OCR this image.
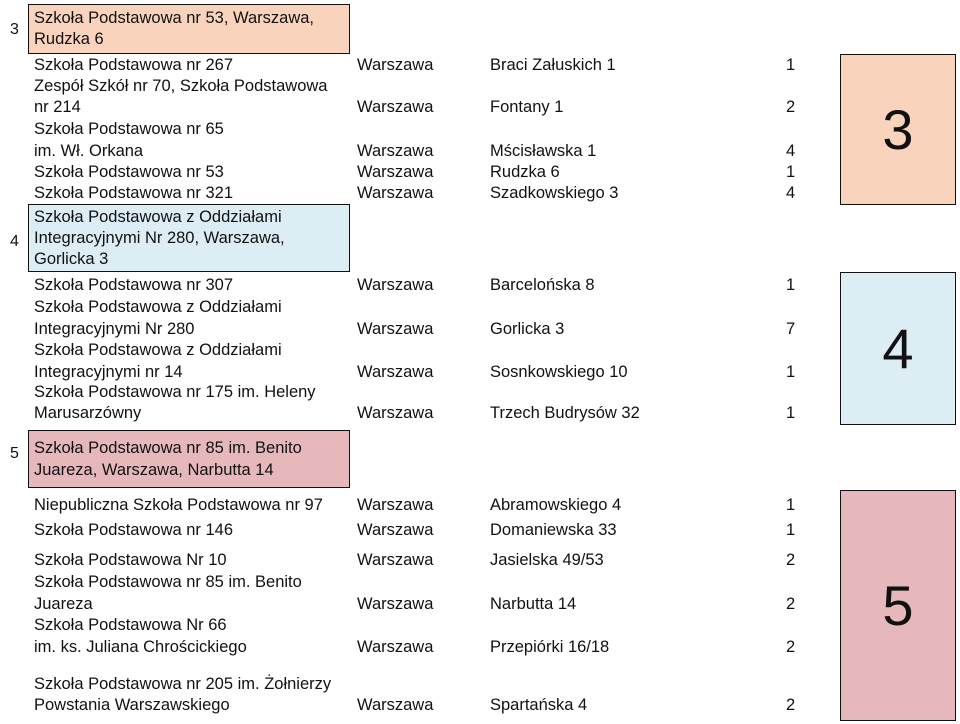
3
Szkoła Podstawowa nr 53, Warszawa,
Rudzka 6
Szkoła Podstawowa nr 267	Warszawa	Braci Załuskich 1	1
Zespół Szkół nr 70, Szkoła Podstawowa
nr 214	Warszawa	Fontany 1	2
Szkoła Podstawowa nr 65
im. Wł. Orkana	Warszawa	Mścisławska 1	4
Szkoła Podstawowa nr 53	Warszawa	Rudzka 6	1
Szkoła Podstawowa nr 321	Warszawa	Szadkowskiego 3	4
3
4
Szkoła Podstawowa z Oddziałami
Integracyjnymi Nr 280, Warszawa,
Gorlicka 3
Szkoła Podstawowa nr 307	Warszawa	Barcelońska 8	1
Szkoła Podstawowa z Oddziałami
Integracyjnymi Nr 280	Warszawa	Gorlicka 3	7
Szkoła Podstawowa z Oddziałami
Integracyjnymi nr 14	Warszawa	Sosnkowskiego 10	1
Szkoła Podstawowa nr 175 im. Heleny
Marusarzówny	Warszawa	Trzech Budrysów 32	1
4
5 Szkoła Podstawowa nr 85 im. Benito
Juareza, Warszawa, Narbutta 14
Niepubliczna Szkoła Podstawowa nr 97 Warszawa	Abramowskiego 4	1
Szkoła Podstawowa nr 146	Warszawa	Domaniewska 33	1
Szkoła Podstawowa Nr 10	Warszawa	Jasielska 49/53	2
Szkoła Podstawowa nr 85 im. Benito
Juareza	Warszawa	Narbutta 14	2
Szkoła Podstawowa Nr 66
im. ks. Juliana Chrościckiego	Warszawa	Przepiórki 16/18	2
Szkoła Podstawowa nr 205 im. Żołnierzy
Powstania Warszawskiego	Warszawa	Spartańska 4	2
5
